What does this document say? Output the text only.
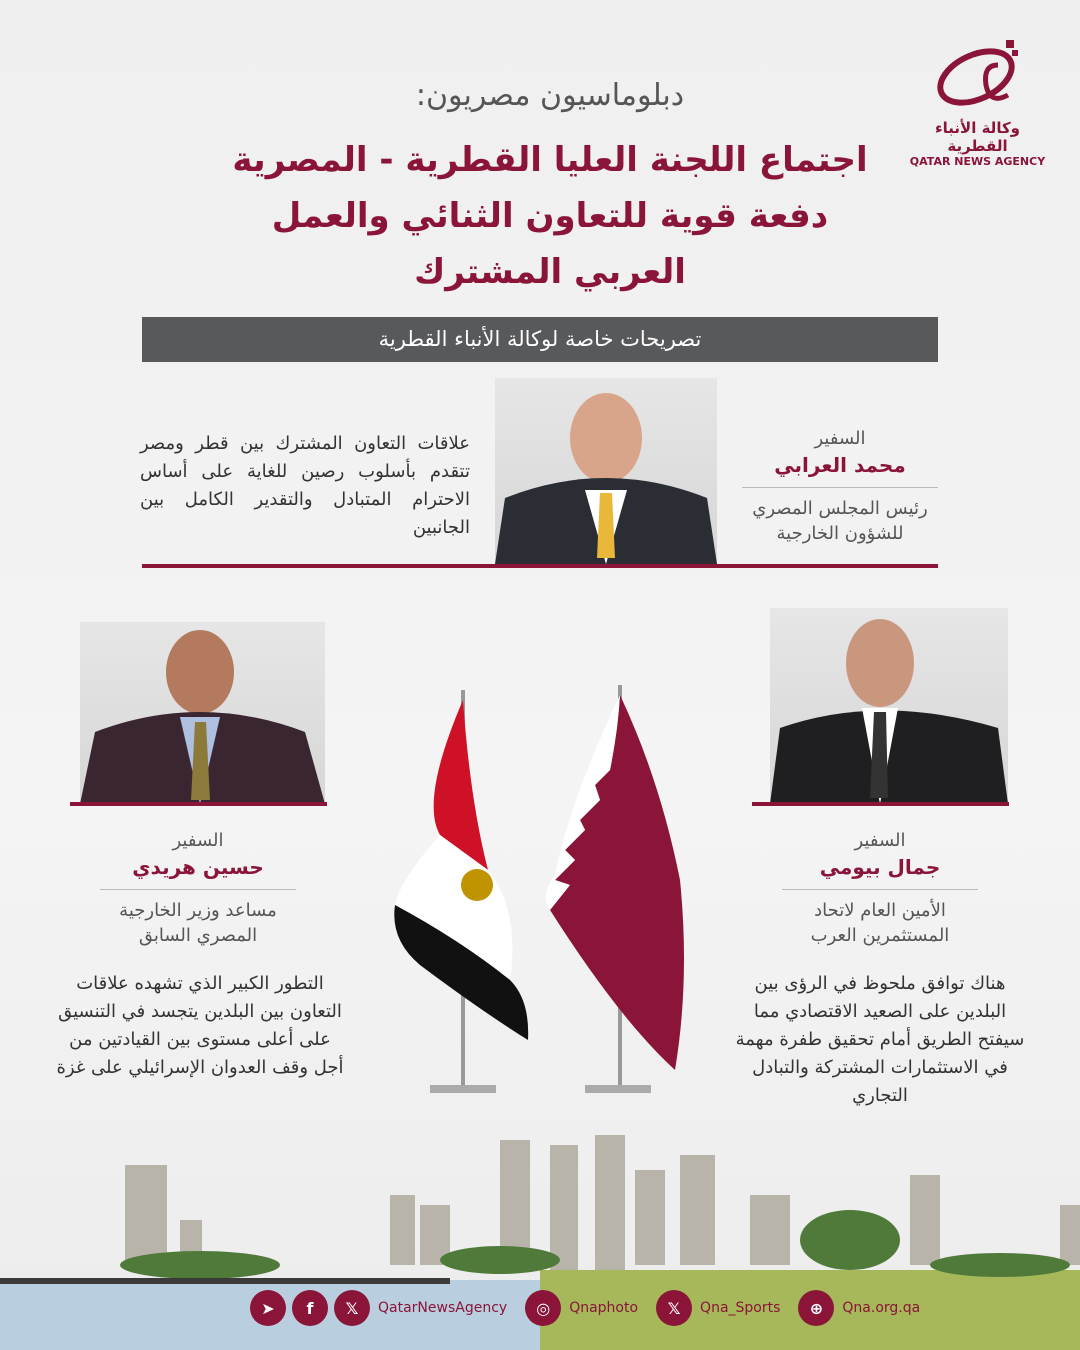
وكالة الأنباء القطرية
QATAR NEWS AGENCY
دبلوماسيون مصريون:
اجتماع اللجنة العليا القطرية - المصرية
دفعة قوية للتعاون الثنائي والعمل
العربي المشترك
تصريحات خاصة لوكالة الأنباء القطرية
علاقات التعاون المشترك بين قطر ومصر تتقدم بأسلوب رصين للغاية على أساس الاحترام المتبادل والتقدير الكامل بين الجانبين
السفير
محمد العرابي
رئيس المجلس المصري للشؤون الخارجية
السفير
حسين هريدي
مساعد وزير الخارجية المصري السابق
التطور الكبير الذي تشهده علاقات التعاون بين البلدين يتجسد في التنسيق على أعلى مستوى بين القيادتين من أجل وقف العدوان الإسرائيلي على غزة
السفير
جمال بيومي
الأمين العام لاتحاد المستثمرين العرب
هناك توافق ملحوظ في الرؤى بين البلدين على الصعيد الاقتصادي مما سيفتح الطريق أمام تحقيق طفرة مهمة في الاستثمارات المشتركة والتبادل التجاري
➤	f	𝕏	QatarNewsAgency	◎	Qnaphoto	𝕏	Qna_Sports	⊕	Qna.org.qa
